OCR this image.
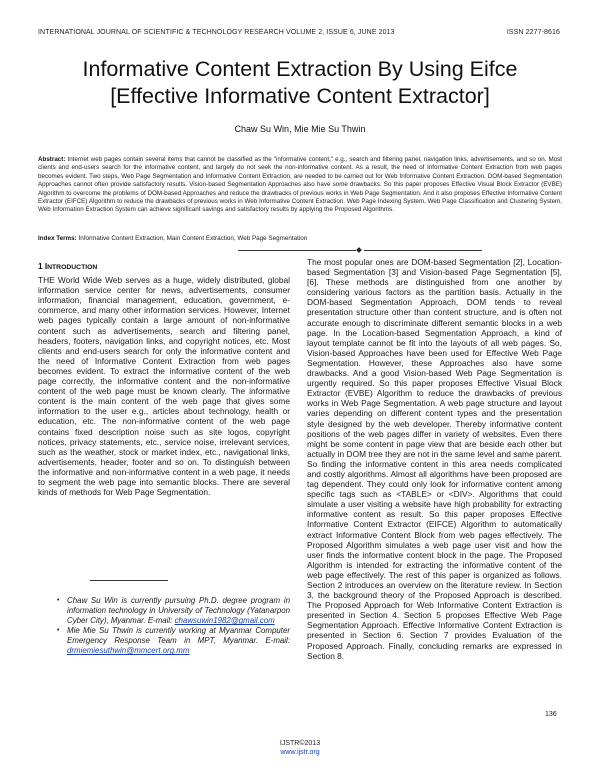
INTERNATIONAL JOURNAL OF SCIENTIFIC & TECHNOLOGY RESEARCH VOLUME 2, ISSUE 6, JUNE 2013	ISSN 2277-8616
Informative Content Extraction By Using Eifce
[Effective Informative Content Extractor]
Chaw Su Win, Mie Mie Su Thwin
Abstract: Internet web pages contain several items that cannot be classified as the "informative content," e.g., search and filtering panel, navigation links, advertisements, and so on. Most clients and end-users search for the informative content, and largely do not seek the non-informative content. As a result, the need of Informative Content Extraction from web pages becomes evident. Two steps, Web Page Segmentation and Informative Content Extraction, are needed to be carried out for Web Informative Content Extraction. DOM-based Segmentation Approaches cannot often provide satisfactory results. Vision-based Segmentation Approaches also have some drawbacks. So this paper proposes Effective Visual Block Extractor (EVBE) Algorithm to overcome the problems of DOM-based Approaches and reduce the drawbacks of previous works in Web Page Segmentation. And it also proposes Effective Informative Content Extractor (EIFCE) Algorithm to reduce the drawbacks of previous works in Web Informative Content Extraction. Web Page Indexing System, Web Page Classification and Clustering System, Web Information Extraction System can achieve significant savings and satisfactory results by applying the Proposed Algorithms.
Index Terms: Informative Content Extraction, Main Content Extraction, Web Page Segmentation
1 INTRODUCTION
THE World Wide Web serves as a huge, widely distributed, global information service center for news, advertisements, consumer information, financial management, education, government, e-commerce, and many other information services. However, Internet web pages typically contain a large amount of non-informative content such as advertisements, search and filtering panel, headers, footers, navigation links, and copyright notices, etc. Most clients and end-users search for only the informative content and the need of Informative Content Extraction from web pages becomes evident. To extract the informative content of the web page correctly, the informative content and the non-informative content of the web page must be known clearly. The informative content is the main content of the web page that gives some information to the user e.g., articles about technology, health or education, etc. The non-informative content of the web page contains fixed description noise such as site logos, copyright notices, privacy statements, etc., service noise, irrelevant services, such as the weather, stock or market index, etc., navigational links, advertisements, header, footer and so on. To distinguish between the informative and non-informative content in a web page, it needs to segment the web page into semantic blocks. There are several kinds of methods for Web Page Segmentation.
• Chaw Su Win is currently pursuing Ph.D. degree program in information technology in University of Technology (Yatanarpon Cyber City), Myanmar. E-mail: chawsuwin1982@gmail.com
• Mie Mie Su Thwin is currently working at Myanmar Computer Emergency Response Team in MPT, Myanmar. E-mail: drmiemiesuthwin@mmcert.org.mm
The most popular ones are DOM-based Segmentation [2], Location-based Segmentation [3] and Vision-based Page Segmentation [5], [6]. These methods are distinguished from one another by considering various factors as the partition basis. Actually in the DOM-based Segmentation Approach, DOM tends to reveal presentation structure other than content structure, and is often not accurate enough to discriminate different semantic blocks in a web page. In the Location-based Segmentation Approach, a kind of layout template cannot be fit into the layouts of all web pages. So, Vision-based Approaches have been used for Effective Web Page Segmentation. However, these Approaches also have some drawbacks. And a good Vision-based Web Page Segmentation is urgently required. So this paper proposes Effective Visual Block Extractor (EVBE) Algorithm to reduce the drawbacks of previous works in Web Page Segmentation. A web page structure and layout varies depending on different content types and the presentation style designed by the web developer. Thereby informative content positions of the web pages differ in variety of websites. Even there might be some content in page view that are beside each other but actually in DOM tree they are not in the same level and same parent. So finding the informative content in this area needs complicated and costly algorithms. Almost all algorithms have been proposed are tag dependent. They could only look for informative content among specific tags such as <TABLE> or <DIV>. Algorithms that could simulate a user visiting a website have high probability for extracting informative content as result. So this paper proposes Effective Informative Content Extractor (EIFCE) Algorithm to automatically extract Informative Content Block from web pages effectively. The Proposed Algorithm simulates a web page user visit and how the user finds the informative content block in the page. The Proposed Algorithm is intended for extracting the informative content of the web page effectively. The rest of this paper is organized as follows. Section 2 introduces an overview on the literature review. In Section 3, the background theory of the Proposed Approach is described. The Proposed Approach for Web Informative Content Extraction is presented in Section 4. Section 5 proposes Effective Web Page Segmentation Approach. Effective Informative Content Extraction is presented in Section 6. Section 7 provides Evaluation of the Proposed Approach. Finally, concluding remarks are expressed in Section 8.
136
IJSTR©2013
www.ijstr.org
